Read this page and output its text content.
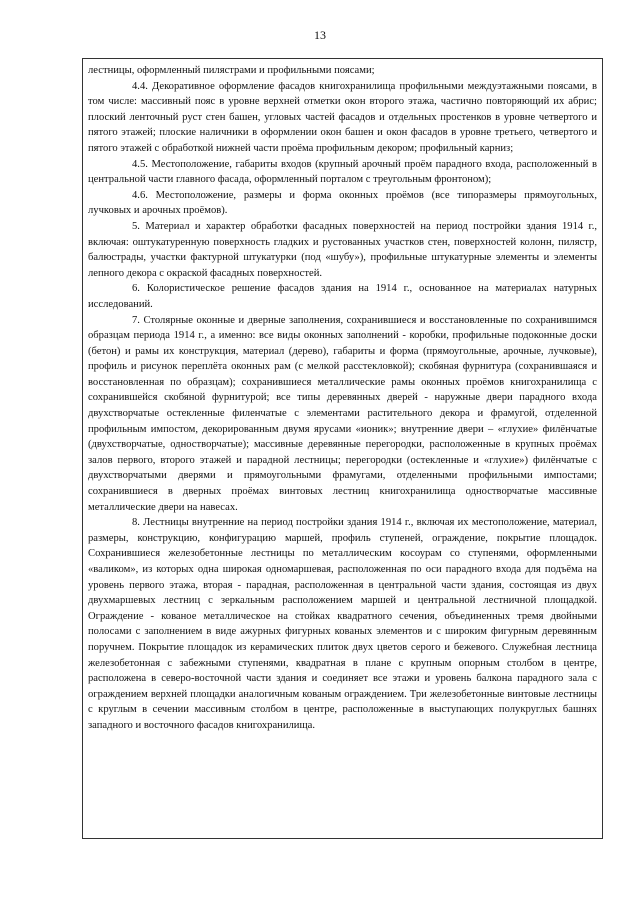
13

лестницы, оформленный пилястрами и профильными поясами;

4.4. Декоративное оформление фасадов книгохранилища профильными междуэтажными поясами, в том числе: массивный пояс в уровне верхней отметки окон второго этажа, частично повторяющий их абрис; плоский ленточный руст стен башен, угловых частей фасадов и отдельных простенков в уровне четвертого и пятого этажей; плоские наличники в оформлении окон башен и окон фасадов в уровне третьего, четвертого и пятого этажей с обработкой нижней части проёма профильным декором; профильный карниз;

4.5. Местоположение, габариты входов (крупный арочный проём парадного входа, расположенный в центральной части главного фасада, оформленный порталом с треугольным фронтоном);

4.6. Местоположение, размеры и форма оконных проёмов (все типоразмеры прямоугольных, лучковых и арочных проёмов).

5. Материал и характер обработки фасадных поверхностей на период постройки здания 1914 г., включая: оштукатуренную поверхность гладких и рустованных участков стен, поверхностей колонн, пилястр, балюстрады, участки фактурной штукатурки (под «шубу»), профильные штукатурные элементы и элементы лепного декора с окраской фасадных поверхностей.

6. Колористическое решение фасадов здания на 1914 г., основанное на материалах натурных исследований.

7. Столярные оконные и дверные заполнения, сохранившиеся и восстановленные по сохранившимся образцам периода 1914 г., а именно: все виды оконных заполнений - коробки, профильные подоконные доски (бетон) и рамы их конструкция, материал (дерево), габариты и форма (прямоугольные, арочные, лучковые), профиль и рисунок переплёта оконных рам (с мелкой расстекловкой); скобяная фурнитура (сохранившаяся и восстановленная по образцам); сохранившиеся металлические рамы оконных проёмов книгохранилища с сохранившейся скобяной фурнитурой; все типы деревянных дверей - наружные двери парадного входа двухстворчатые остекленные филенчатые с элементами растительного декора и фрамугой, отделенной профильным импостом, декорированным двумя ярусами «ионик»; внутренние двери – «глухие» филёнчатые (двухстворчатые, одностворчатые); массивные деревянные перегородки, расположенные в крупных проёмах залов первого, второго этажей и парадной лестницы; перегородки (остекленные и «глухие») филёнчатые с двухстворчатыми дверями и прямоугольными фрамугами, отделенными профильными импостами; сохранившиеся в дверных проёмах винтовых лестниц книгохранилища одностворчатые массивные металлические двери на навесах.

8. Лестницы внутренние на период постройки здания 1914 г., включая их местоположение, материал, размеры, конструкцию, конфигурацию маршей, профиль ступеней, ограждение, покрытие площадок. Сохранившиеся железобетонные лестницы по металлическим косоурам со ступенями, оформленными «валиком», из которых одна широкая одномаршевая, расположенная по оси парадного входа для подъёма на уровень первого этажа, вторая - парадная, расположенная в центральной части здания, состоящая из двух двухмаршевых лестниц с зеркальным расположением маршей и центральной лестничной площадкой. Ограждение - кованое металлическое на стойках квадратного сечения, объединенных тремя двойными полосами с заполнением в виде ажурных фигурных кованых элементов и с широким фигурным деревянным поручнем. Покрытие площадок из керамических плиток двух цветов серого и бежевого. Служебная лестница железобетонная с забежными ступенями, квадратная в плане с крупным опорным столбом в центре, расположена в северо-восточной части здания и соединяет все этажи и уровень балкона парадного зала с ограждением верхней площадки аналогичным кованым ограждением. Три железобетонные винтовые лестницы с круглым в сечении массивным столбом в центре, расположенные в выступающих полукруглых башнях западного и восточного фасадов книгохранилища.
